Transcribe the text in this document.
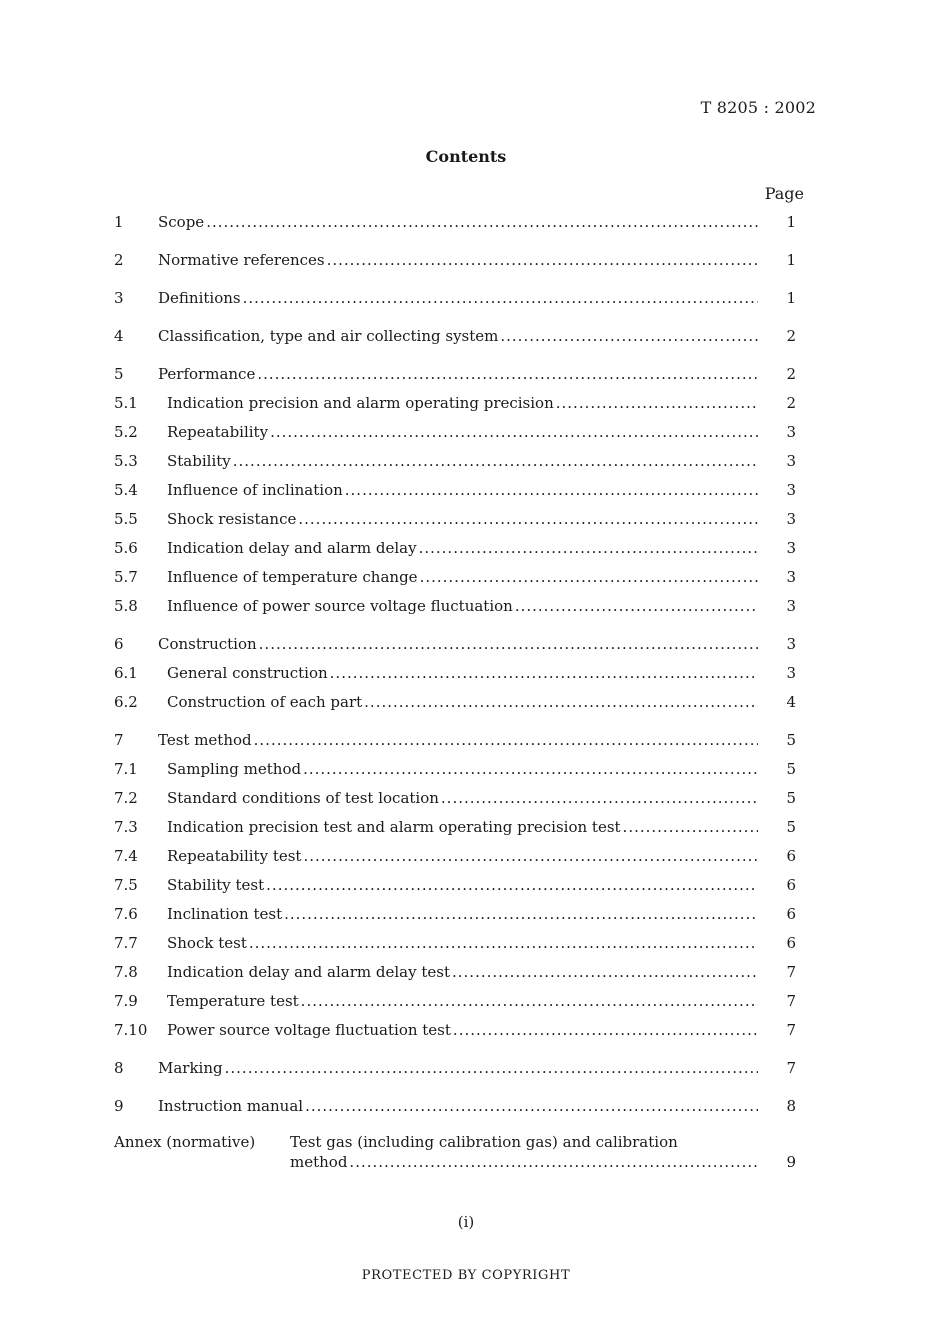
T 8205 : 2002
Contents
Page
1 Scope .....	1
2 Normative references .....	1
3 Definitions .....	1
4 Classification, type and air collecting system .....	2
5 Performance .....	2
5.1 Indication precision and alarm operating precision .....	2
5.2 Repeatability .....	3
5.3 Stability .....	3
5.4 Influence of inclination .....	3
5.5 Shock resistance .....	3
5.6 Indication delay and alarm delay .....	3
5.7 Influence of temperature change .....	3
5.8 Influence of power source voltage fluctuation .....	3
6 Construction .....	3
6.1 General construction .....	3
6.2 Construction of each part .....	4
7 Test method .....	5
7.1 Sampling method .....	5
7.2 Standard conditions of test location .....	5
7.3 Indication precision test and alarm operating precision test .....	5
7.4 Repeatability test .....	6
7.5 Stability test .....	6
7.6 Inclination test .....	6
7.7 Shock test .....	6
7.8 Indication delay and alarm delay test .....	7
7.9 Temperature test .....	7
7.10 Power source voltage fluctuation test .....	7
8 Marking .....	7
9 Instruction manual .....	8
Annex (normative) Test gas (including calibration gas) and calibration
method .....	9
(i)
PROTECTED BY COPYRIGHT
